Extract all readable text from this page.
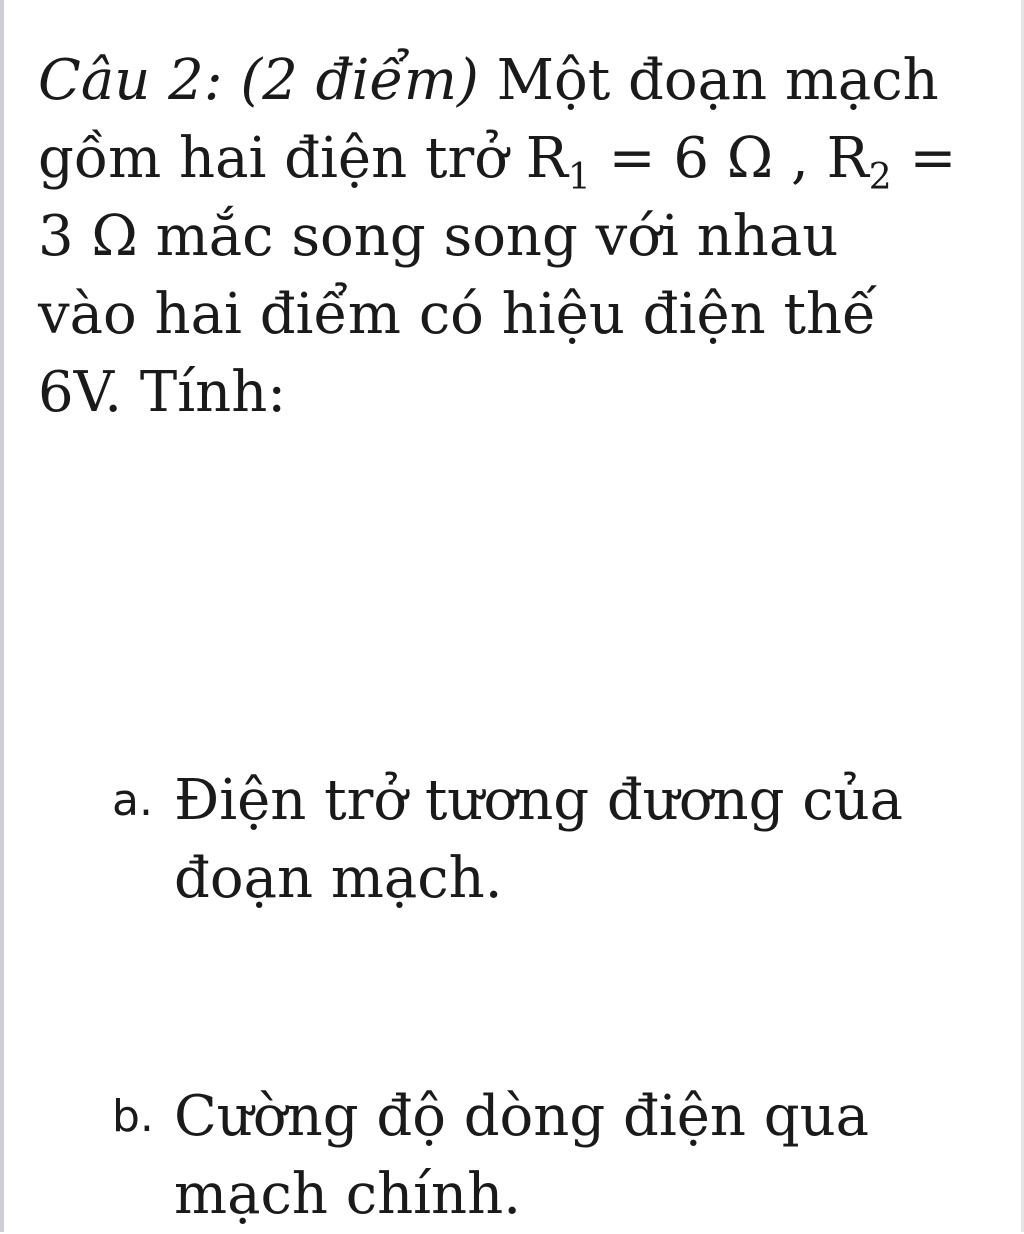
Câu 2: (2 điểm) Một đoạn mạch
gồm hai điện trở $R_1 = 6$ Ω , $R_2$ =
3 Ω mắc song song với nhau
vào hai điểm có hiệu điện thế
6V. Tính:
a. Điện trở tương đương của
đoạn mạch.
b. Cường độ dòng điện qua
mạch chính.
